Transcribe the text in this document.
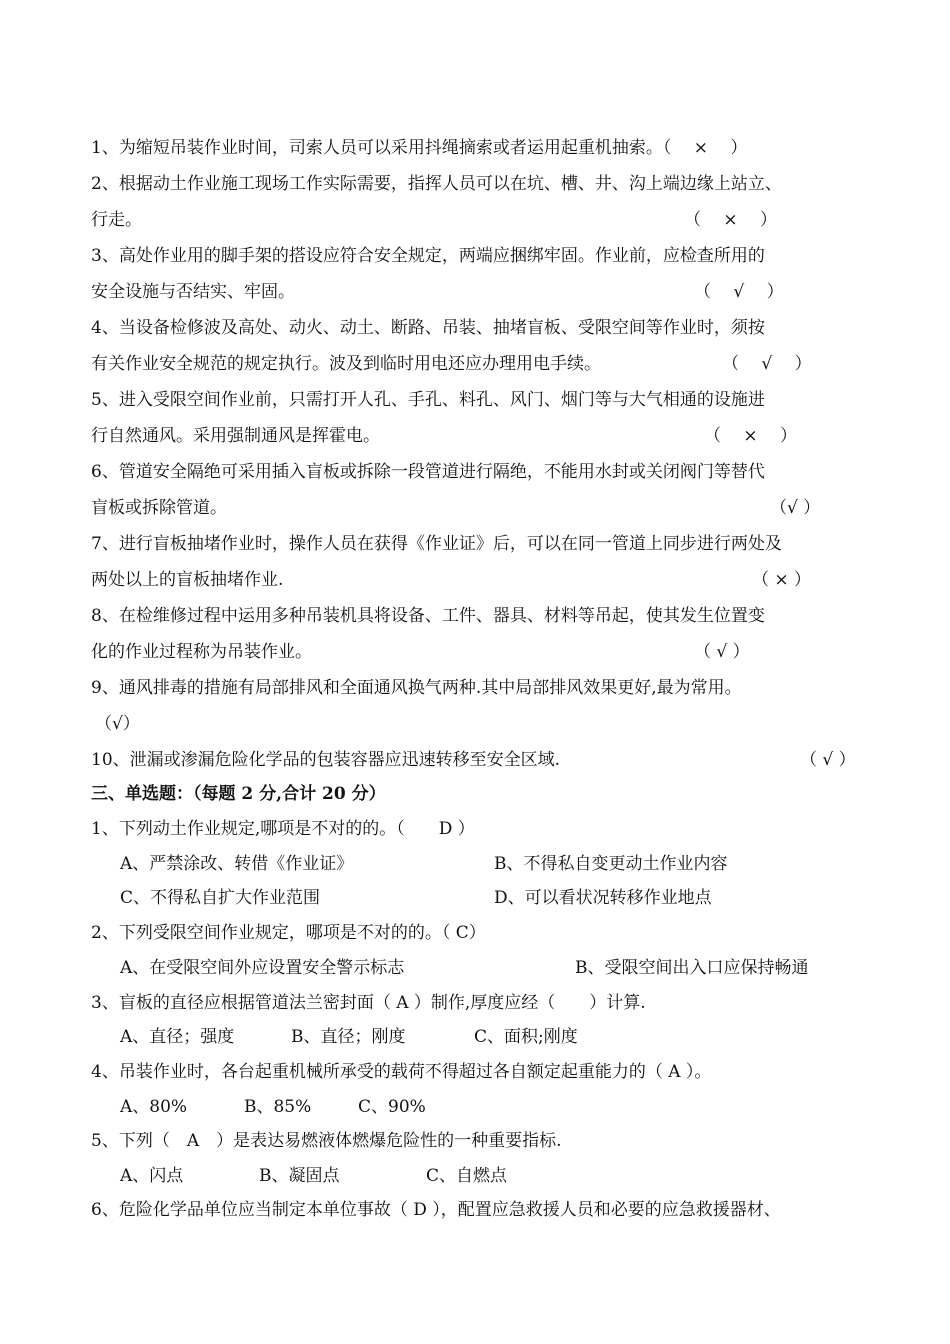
1、为缩短吊装作业时间，司索人员可以采用抖绳摘索或者运用起重机抽索。（　 ×　 ）
2、根据动土作业施工现场工作实际需要，指挥人员可以在坑、槽、井、沟上端边缘上站立、
行走。	（　 ×　 ）
3、高处作业用的脚手架的搭设应符合安全规定，两端应捆绑牢固。作业前，应检查所用的
安全设施与否结实、牢固。	（　 √　 ）
4、当设备检修波及高处、动火、动土、断路、吊装、抽堵盲板、受限空间等作业时，须按
有关作业安全规范的规定执行。波及到临时用电还应办理用电手续。	（　 √　 ）
5、进入受限空间作业前，只需打开人孔、手孔、料孔、风门、烟门等与大气相通的设施进
行自然通风。采用强制通风是挥霍电。	（　 ×　 ）
6、管道安全隔绝可采用插入盲板或拆除一段管道进行隔绝，不能用水封或关闭阀门等替代
盲板或拆除管道。	（√ ）
7、进行盲板抽堵作业时，操作人员在获得《作业证》后，可以在同一管道上同步进行两处及
两处以上的盲板抽堵作业.	（ × ）
8、在检维修过程中运用多种吊装机具将设备、工件、器具、材料等吊起，使其发生位置变
化的作业过程称为吊装作业。	（ √ ）
9、通风排毒的措施有局部排风和全面通风换气两种.其中局部排风效果更好,最为常用。
（√）
10、泄漏或渗漏危险化学品的包装容器应迅速转移至安全区域.	（ √ ）
三、单选题：（每题 2 分,合计 20 分）
1、下列动土作业规定,哪项是不对的的。（　　D ）
A、严禁涂改、转借《作业证》	B、不得私自变更动土作业内容
C、不得私自扩大作业范围	D、可以看状况转移作业地点
2、下列受限空间作业规定，哪项是不对的的。（ C）
A、在受限空间外应设置安全警示标志	B、受限空间出入口应保持畅通
3、盲板的直径应根据管道法兰密封面（ A ）制作,厚度应经（　　）计算.
A、直径；强度	B、直径；刚度	C、面积;刚度
4、吊装作业时，各台起重机械所承受的载荷不得超过各自额定起重能力的（ A ）。
A、80%	B、85%	C、90%
5、下列（　A　）是表达易燃液体燃爆危险性的一种重要指标.
A、闪点	B、凝固点	C、自燃点
6、危险化学品单位应当制定本单位事故（ D ），配置应急救援人员和必要的应急救援器材、
